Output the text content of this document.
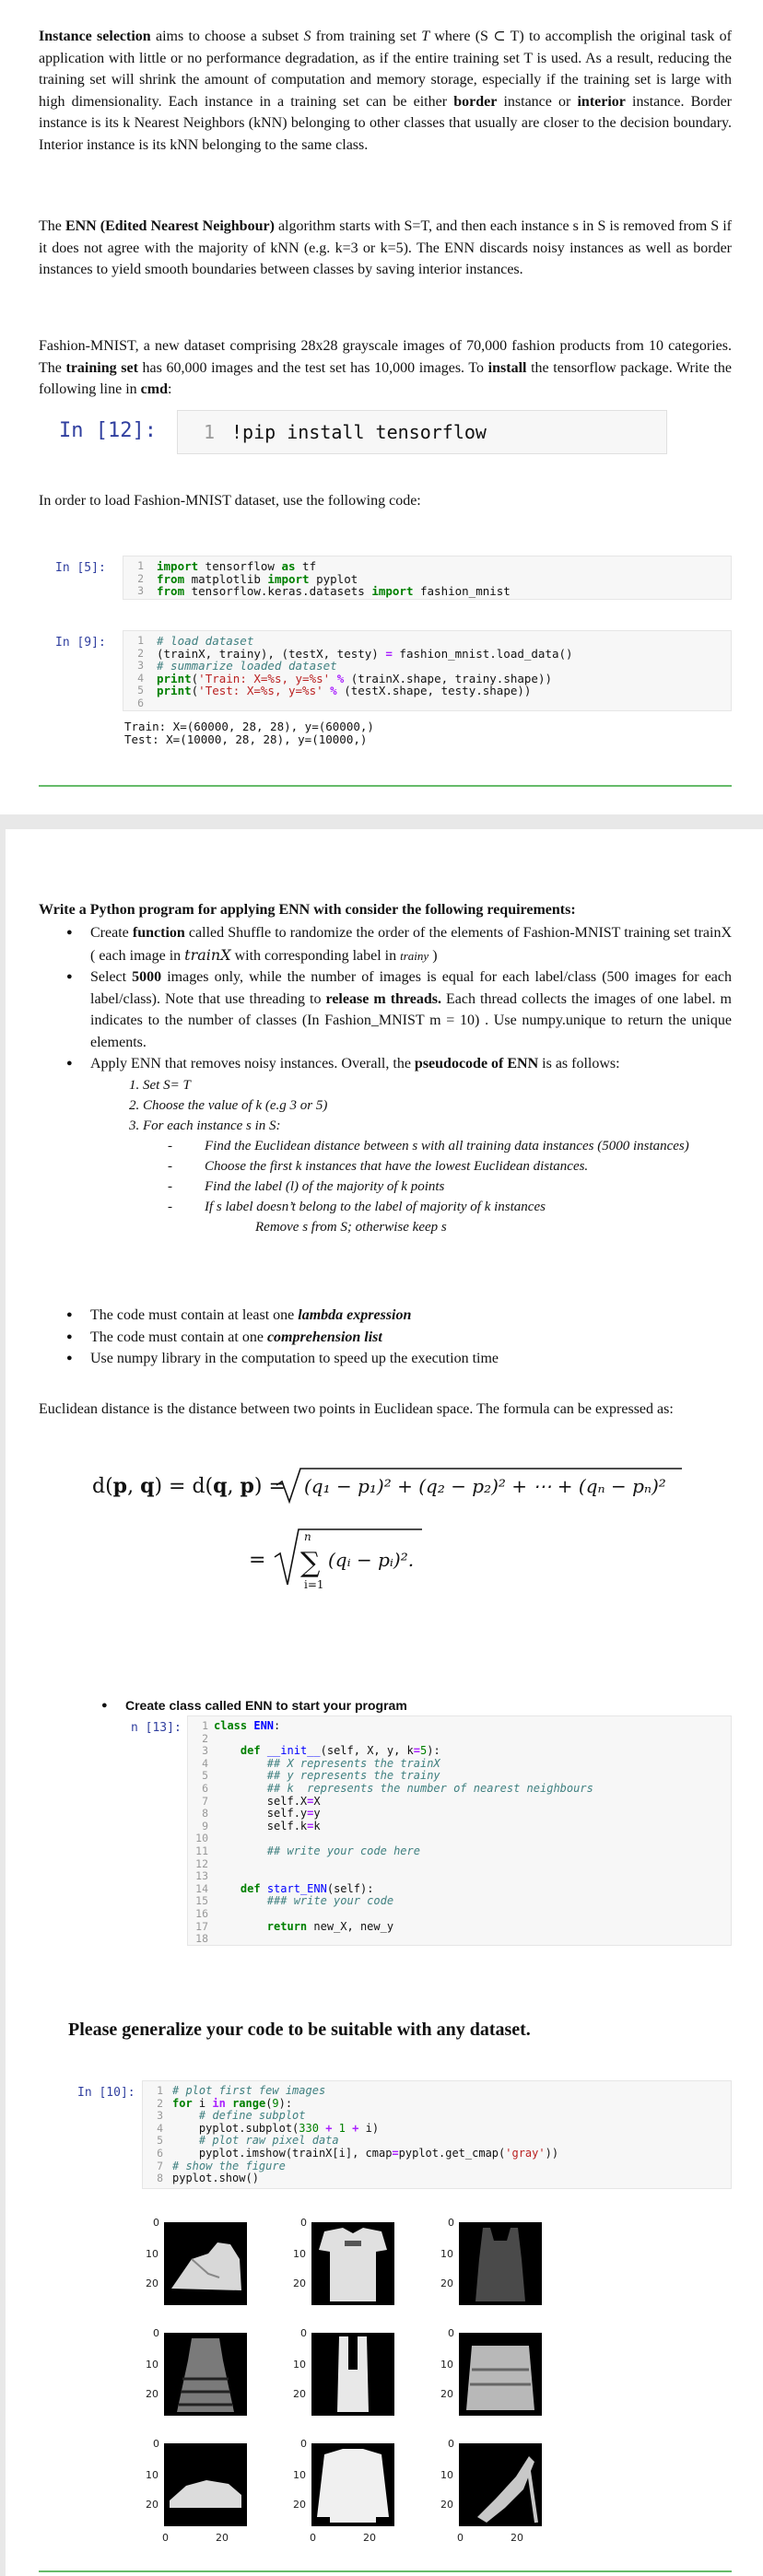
Instance selection aims to choose a subset S from training set T where (S ⊂ T) to accomplish the original task of application with little or no performance degradation, as if the entire training set T is used. As a result, reducing the training set will shrink the amount of computation and memory storage, especially if the training set is large with high dimensionality. Each instance in a training set can be either border instance or interior instance. Border instance is its k Nearest Neighbors (kNN) belonging to other classes that usually are closer to the decision boundary. Interior instance is its kNN belonging to the same class.
The ENN (Edited Nearest Neighbour) algorithm starts with S=T, and then each instance s in S is removed from S if it does not agree with the majority of kNN (e.g. k=3 or k=5). The ENN discards noisy instances as well as border instances to yield smooth boundaries between classes by saving interior instances.
Fashion-MNIST, a new dataset comprising 28x28 grayscale images of 70,000 fashion products from 10 categories. The training set has 60,000 images and the test set has 10,000 images. To install the tensorflow package. Write the following line in cmd:
In [12]:	1 !pip install tensorflow
In order to load Fashion-MNIST dataset, use the following code:
In [5]:	1
2
3
import tensorflow as tf
from matplotlib import pyplot
from tensorflow.keras.datasets import fashion_mnist
In [9]:	1
2
3
4
5
6
# load dataset
(trainX, trainy), (testX, testy) = fashion_mnist.load_data()
# summarize loaded dataset
print('Train: X=%s, y=%s' % (trainX.shape, trainy.shape))
print('Test: X=%s, y=%s' % (testX.shape, testy.shape))

Train: X=(60000, 28, 28), y=(60000,)
Test: X=(10000, 28, 28), y=(10000,)
Write a Python program for applying ENN with consider the following requirements:
● Create function called Shuffle to randomize the order of the elements of Fashion-MNIST training set trainX ( each image in trainX with corresponding label in trainy )
● Select 5000 images only, while the number of images is equal for each label/class (500 images for each label/class). Note that use threading to release m threads. Each thread collects the images of one label. m indicates to the number of classes (In Fashion_MNIST m = 10) . Use numpy.unique to return the unique elements.
● Apply ENN that removes noisy instances. Overall, the pseudocode of ENN is as follows:
1. Set S= T
2. Choose the value of k (e.g 3 or 5)
3. For each instance s in S:
- Find the Euclidean distance between s with all training data instances (5000 instances)
- Choose the first k instances that have the lowest Euclidean distances.
- Find the label (l) of the majority of k points
- If s label doesn’t belong to the label of majority of k instances
Remove s from S; otherwise keep s
● The code must contain at least one lambda expression
● The code must contain at one comprehension list
● Use numpy library in the computation to speed up the execution time
Euclidean distance is the distance between two points in Euclidean space. The formula can be expressed as:
d(p, q) = d(q, p) = (q₁ − p₁)² + (q₂ − p₂)² + ⋯ + (qₙ − pₙ)²
=
n
∑
i=1
(qᵢ − pᵢ)².
● Create class called ENN to start your program
n [13]:	1
2
3
4
5
6
7
8
9
10
11
12
13
14
15
16
17
18
class ENN:

def __init__(self, X, y, k=5):
## X represents the trainX
## y represents the trainy
## k  represents the number of nearest neighbours
self.X=X
self.y=y
self.k=k

## write your code here

def start_ENN(self):
### write your code

return new_X, new_y

Please generalize your code to be suitable with any dataset.
In [10]:	1
2
3
4
5
6
7
8
# plot first few images
for i in range(9):
# define subplot
pyplot.subplot(330 + 1 + i)
# plot raw pixel data
pyplot.imshow(trainX[i], cmap=pyplot.get_cmap('gray'))
# show the figure
pyplot.show()
0
10
20
0
10
20
0
10
20
0
10
20
0
10
20
0
10
20
0
10
20
0
10
20
0
10
20
0	20	0	20	0	20
